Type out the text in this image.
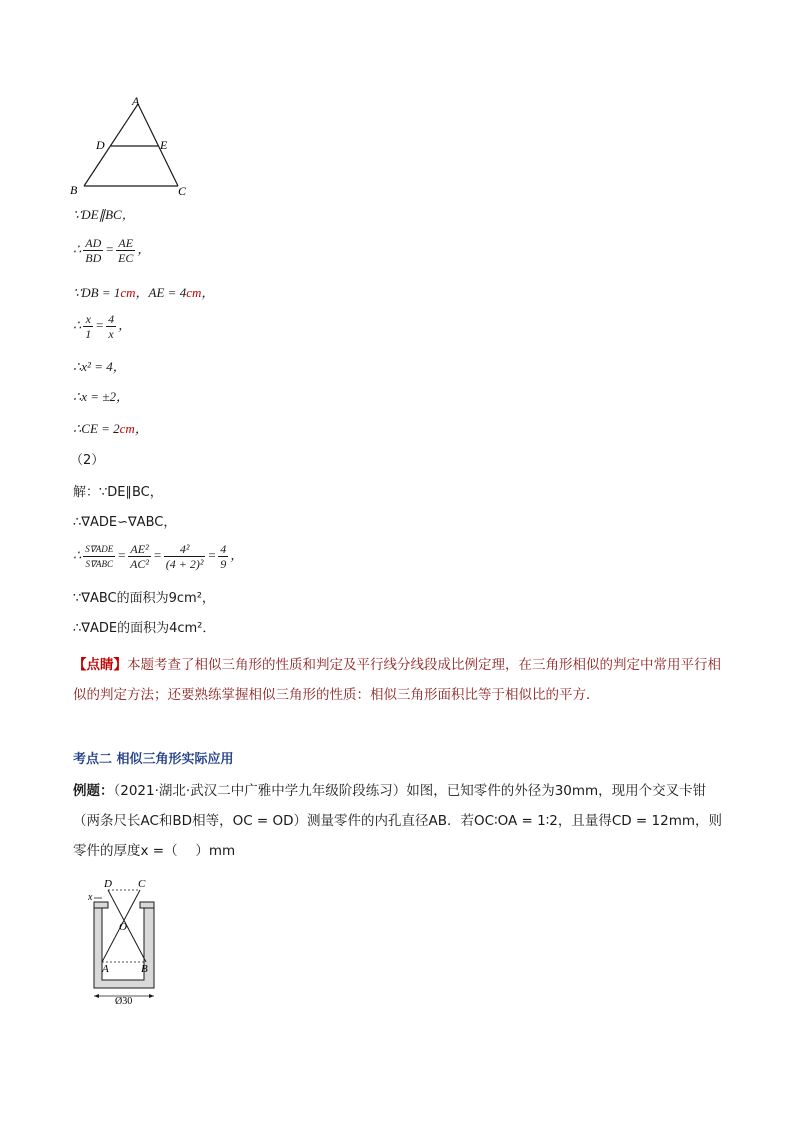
A
D	E
B	C
∵DE∥BC，
∴ $\frac{AD}{BD} = \frac{AE}{EC}$ ，
∵DB = 1cm，AE = 4cm，
∴ $\frac{x}{1} = \frac{4}{x}$ ，
∴x² = 4，
∴x = ±2，
∴CE = 2cm，
（2）
解：∵DE∥BC，
∴∇ADE∽∇ABC，
∴ $\frac{\text{S∇ADE}}{\text{S∇ABC}} = \frac{\text{AE²}}{\text{AC²}} = \frac{\text{4²}}{\text{(4 + 2)²}} = \frac{4}{9}$ ，
∵∇ABC的面积为9cm²，
∴∇ADE的面积为4cm²．
【点睛】本题考查了相似三角形的性质和判定及平行线分线段成比例定理，在三角形相似的判定中常用平行相似的判定方法；还要熟练掌握相似三角形的性质：相似三角形面积比等于相似比的平方．
考点二 相似三角形实际应用
例题：（2021·湖北·武汉二中广雅中学九年级阶段练习）如图，已知零件的外径为30mm，现用个交叉卡钳（两条尺长AC和BD相等，OC = OD）测量零件的内孔直径AB．若OC∶OA = 1∶2，且量得CD = 12mm，则零件的厚度x =（　 ）mm
D C
x
O
A	B
Ø30
